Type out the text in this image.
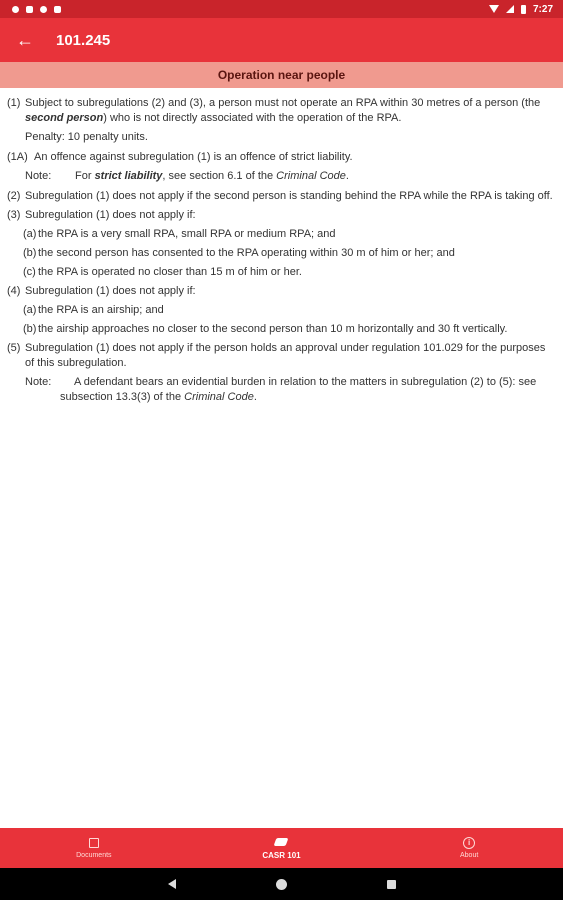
7:27
← 101.245
Operation near people
(1) Subject to subregulations (2) and (3), a person must not operate an RPA within 30 metres of a person (the second person) who is not directly associated with the operation of the RPA.
Penalty: 10 penalty units.
(1A) An offence against subregulation (1) is an offence of strict liability.
Note: For strict liability, see section 6.1 of the Criminal Code.
(2) Subregulation (1) does not apply if the second person is standing behind the RPA while the RPA is taking off.
(3) Subregulation (1) does not apply if:
(a) the RPA is a very small RPA, small RPA or medium RPA; and
(b) the second person has consented to the RPA operating within 30 m of him or her; and
(c) the RPA is operated no closer than 15 m of him or her.
(4) Subregulation (1) does not apply if:
(a) the RPA is an airship; and
(b) the airship approaches no closer to the second person than 10 m horizontally and 30 ft vertically.
(5) Subregulation (1) does not apply if the person holds an approval under regulation 101.029 for the purposes of this subregulation.
Note: A defendant bears an evidential burden in relation to the matters in subregulation (2) to (5): see subsection 13.3(3) of the Criminal Code.
Documents	CASR 101
i
About
